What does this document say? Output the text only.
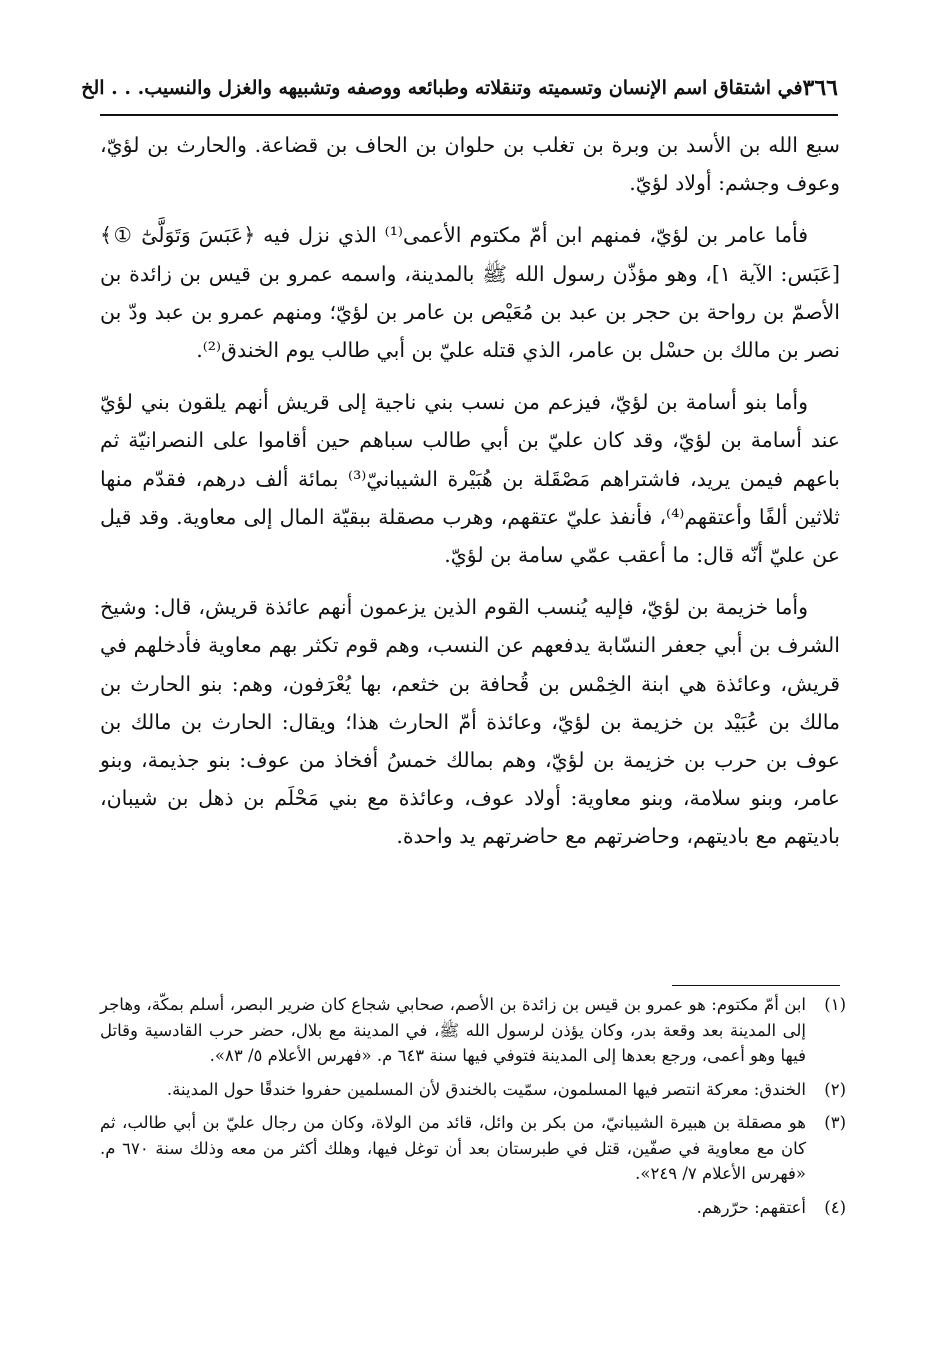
٣٦٦
في اشتقاق اسم الإنسان وتسميته وتنقلاته وطبائعه ووصفه وتشبيهه والغزل والنسيب. . . الخ

سبع الله بن الأسد بن وبرة بن تغلب بن حلوان بن الحاف بن قضاعة. والحارث بن لؤيّ، وعوف وجشم: أولاد لؤيّ.

فأما عامر بن لؤيّ، فمنهم ابن أمّ مكتوم الأعمى⁽¹⁾ الذي نزل فيه ﴿عَبَسَ وَتَوَلَّىٰٓ ①﴾ [عَبَس: الآية ١]، وهو مؤذّن رسول الله ﷺ بالمدينة، واسمه عمرو بن قيس بن زائدة بن الأصمّ بن رواحة بن حجر بن عبد بن مُعَيْص بن عامر بن لؤيّ؛ ومنهم عمرو بن عبد ودّ بن نصر بن مالك بن حسْل بن عامر، الذي قتله عليّ بن أبي طالب يوم الخندق⁽²⁾.

وأما بنو أسامة بن لؤيّ، فيزعم من نسب بني ناجية إلى قريش أنهم يلقون بني لؤيّ عند أسامة بن لؤيّ، وقد كان عليّ بن أبي طالب سباهم حين أقاموا على النصرانيّة ثم باعهم فيمن يريد، فاشتراهم مَصْقَلة بن هُبَيْرة الشيبانيّ⁽³⁾ بمائة ألف درهم، فقدّم منها ثلاثين ألفًا وأعتقهم⁽⁴⁾، فأنفذ عليّ عتقهم، وهرب مصقلة ببقيّة المال إلى معاوية. وقد قيل عن عليّ أنّه قال: ما أعقب عمّي سامة بن لؤيّ.

وأما خزيمة بن لؤيّ، فإليه يُنسب القوم الذين يزعمون أنهم عائذة قريش، قال: وشيخ الشرف بن أبي جعفر النسّابة يدفعهم عن النسب، وهم قوم تكثر بهم معاوية فأدخلهم في قريش، وعائذة هي ابنة الخِمْس بن قُحافة بن خثعم، بها يُعْرَفون، وهم: بنو الحارث بن مالك بن عُبَيْد بن خزيمة بن لؤيّ، وعائذة أمّ الحارث هذا؛ ويقال: الحارث بن مالك بن عوف بن حرب بن خزيمة بن لؤيّ، وهم بمالك خمسُ أفخاذ من عوف: بنو جذيمة، وبنو عامر، وبنو سلامة، وبنو معاوية: أولاد عوف، وعائذة مع بني مَحْلَم بن ذهل بن شيبان، باديتهم مع باديتهم، وحاضرتهم مع حاضرتهم يد واحدة.

(١)
ابن أمّ مكتوم: هو عمرو بن قيس بن زائدة بن الأصم، صحابي شجاع كان ضرير البصر، أسلم بمكّة، وهاجر إلى المدينة بعد وقعة بدر، وكان يؤذن لرسول الله ﷺ، في المدينة مع بلال، حضر حرب القادسية وقاتل فيها وهو أعمى، ورجع بعدها إلى المدينة فتوفي فيها سنة ٦٤٣ م. «فهرس الأعلام ٥/ ٨٣».
(٢)
الخندق: معركة انتصر فيها المسلمون، سمّيت بالخندق لأن المسلمين حفروا خندقًا حول المدينة.
(٣)
هو مصقلة بن هبيرة الشيبانيّ، من بكر بن وائل، قائد من الولاة، وكان من رجال عليّ بن أبي طالب، ثم كان مع معاوية في صفّين، قتل في طبرستان بعد أن توغل فيها، وهلك أكثر من معه وذلك سنة ٦٧٠ م. «فهرس الأعلام ٧/ ٢٤٩».
(٤)
أعتقهم: حرّرهم.
